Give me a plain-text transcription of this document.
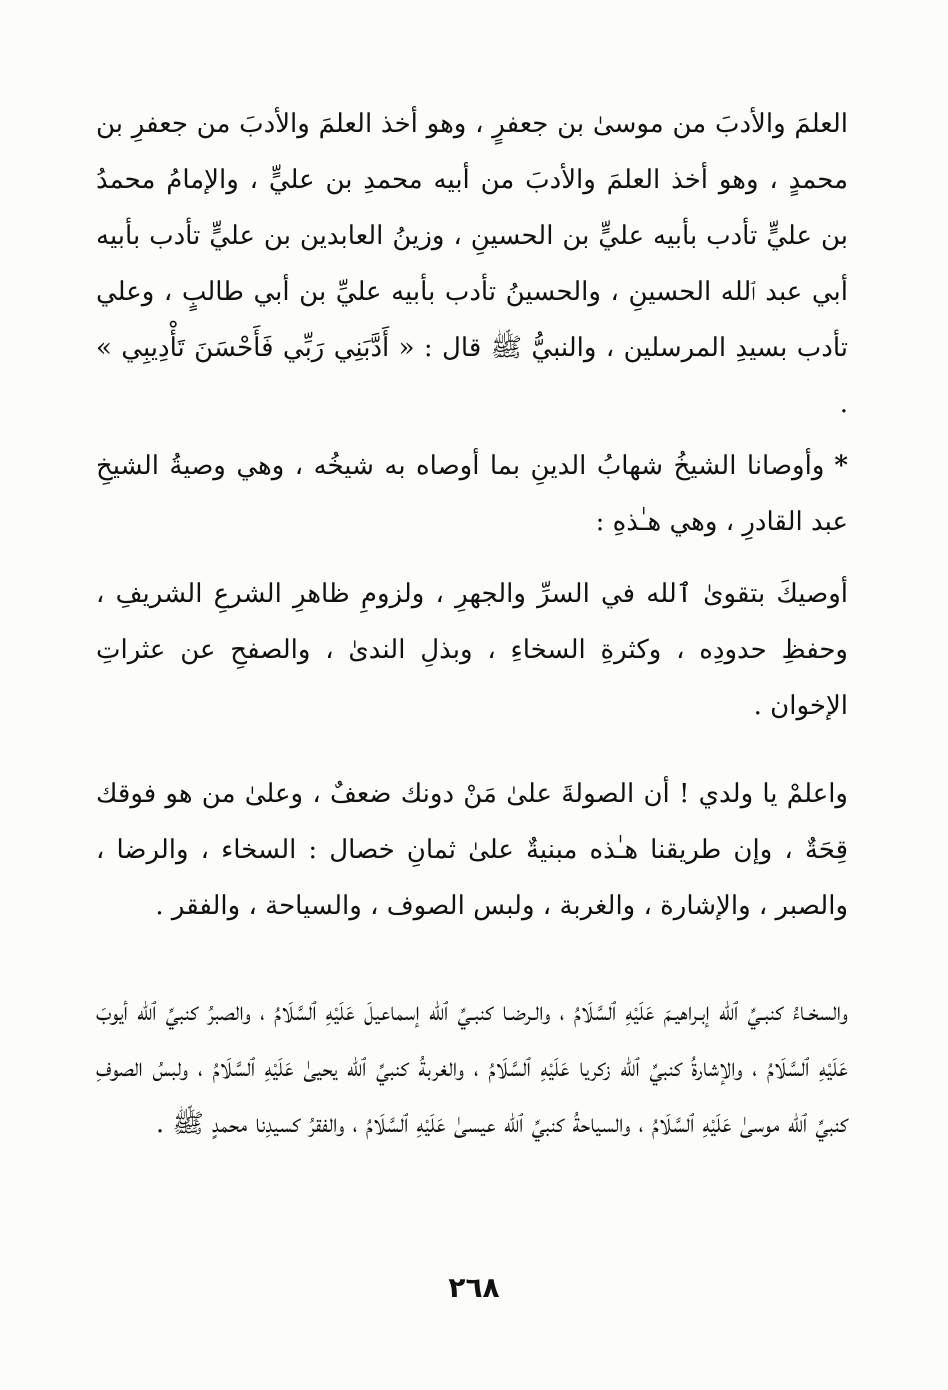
العلمَ والأدبَ من موسىٰ بن جعفرٍ ، وهو أخذ العلمَ والأدبَ من جعفرِ بن محمدٍ ، وهو أخذ العلمَ والأدبَ من أبيه محمدِ بن عليٍّ ، والإمامُ محمدُ بن عليٍّ تأدب بأبيه عليٍّ بن الحسينِ ، وزينُ العابدين بن عليٍّ تأدب بأبيه أبي عبد ٱلله الحسينِ ، والحسينُ تأدب بأبيه عليِّ بن أبي طالبٍ ، وعلي تأدب بسيدِ المرسلين ، والنبيُّ ﷺ قال : « أَدَّبَنِي رَبِّي فَأَحْسَنَ تَأْدِيبِي » .

*وأوصانا الشيخُ شهابُ الدينِ بما أوصاه به شيخُه ، وهي وصيةُ الشيخِ عبد القادرِ ، وهي هـٰذهِ :

أوصيكَ بتقوىٰ ٱلله في السرِّ والجهرِ ، ولزومِ ظاهرِ الشرعِ الشريفِ ، وحفظِ حدودِه ، وكثرةِ السخاءِ ، وبذلِ الندىٰ ، والصفحِ عن عثراتِ الإخوان .

واعلمْ يا ولدي ! أن الصولةَ علىٰ مَنْ دونك ضعفٌ ، وعلىٰ من هو فوقك قِحَةٌ ، وإن طريقنا هـٰذه مبنيةٌ علىٰ ثمانِ خصال : السخاء ، والرضا ، والصبر ، والإشارة ، والغربة ، ولبس الصوف ، والسياحة ، والفقر .

والسخـاءُ كنبـيِّ ٱلله إبـراهيـمَ عَلَيْهِ ٱلسَّلَامُ ، والـرضـا كنبـيِّ ٱلله إسماعيلَ عَلَيْهِ ٱلسَّلَامُ ، والصبرُ كنبيِّ ٱلله أيوبَ عَلَيْهِ ٱلسَّلَامُ ، والإشارةُ كنبيِّ ٱلله زكريا عَلَيْهِ ٱلسَّلَامُ ، والغربةُ كنبيِّ ٱلله يحيىٰ عَلَيْهِ ٱلسَّلَامُ ، ولبسُ الصوفِ كنبيِّ ٱلله موسىٰ عَلَيْهِ ٱلسَّلَامُ ، والسياحةُ كنبيِّ ٱلله عيسىٰ عَلَيْهِ ٱلسَّلَامُ ، والفقرُ كسيدِنا محمدٍ ﷺ .

٢٦٨
